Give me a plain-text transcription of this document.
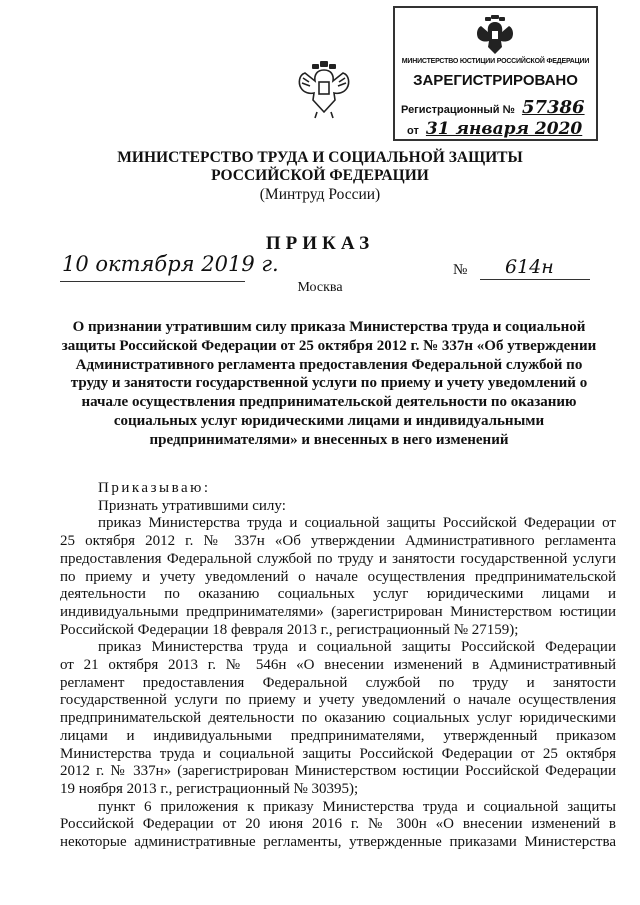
МИНИСТЕРСТВО ЮСТИЦИИ РОССИЙСКОЙ ФЕДЕРАЦИИ
ЗАРЕГИСТРИРОВАНО
Регистрационный № 57386
от 31 января 2020
МИНИСТЕРСТВО ТРУДА И СОЦИАЛЬНОЙ ЗАЩИТЫ
РОССИЙСКОЙ ФЕДЕРАЦИИ
(Минтруд России)
ПРИКАЗ
10 октября 2019 г.	№ 614н
Москва
О признании утратившим силу приказа Министерства труда и социальной
защиты Российской Федерации от 25 октября 2012 г. № 337н «Об утверждении
Административного регламента предоставления Федеральной службой по
труду и занятости государственной услуги по приему и учету уведомлений о
начале осуществления предпринимательской деятельности по оказанию
социальных услуг юридическими лицами и индивидуальными
предпринимателями» и внесенных в него изменений
Приказываю:
Признать утратившими силу:
приказ Министерства труда и социальной защиты Российской Федерации от
25 октября 2012 г. № 337н «Об утверждении Административного регламента
предоставления Федеральной службой по труду и занятости государственной услуги
по приему и учету уведомлений о начале осуществления предпринимательской
деятельности по оказанию социальных услуг юридическими лицами и
индивидуальными предпринимателями» (зарегистрирован Министерством юстиции
Российской Федерации 18 февраля 2013 г., регистрационный № 27159);
приказ Министерства труда и социальной защиты Российской Федерации
от 21 октября 2013 г. № 546н «О внесении изменений в Административный
регламент предоставления Федеральной службой по труду и занятости
государственной услуги по приему и учету уведомлений о начале осуществления
предпринимательской деятельности по оказанию социальных услуг юридическими
лицами и индивидуальными предпринимателями, утвержденный приказом
Министерства труда и социальной защиты Российской Федерации от 25 октября
2012 г. № 337н» (зарегистрирован Министерством юстиции Российской Федерации
19 ноября 2013 г., регистрационный № 30395);
пункт 6 приложения к приказу Министерства труда и социальной защиты
Российской Федерации от 20 июня 2016 г. № 300н «О внесении изменений в
некоторые административные регламенты, утвержденные приказами Министерства
